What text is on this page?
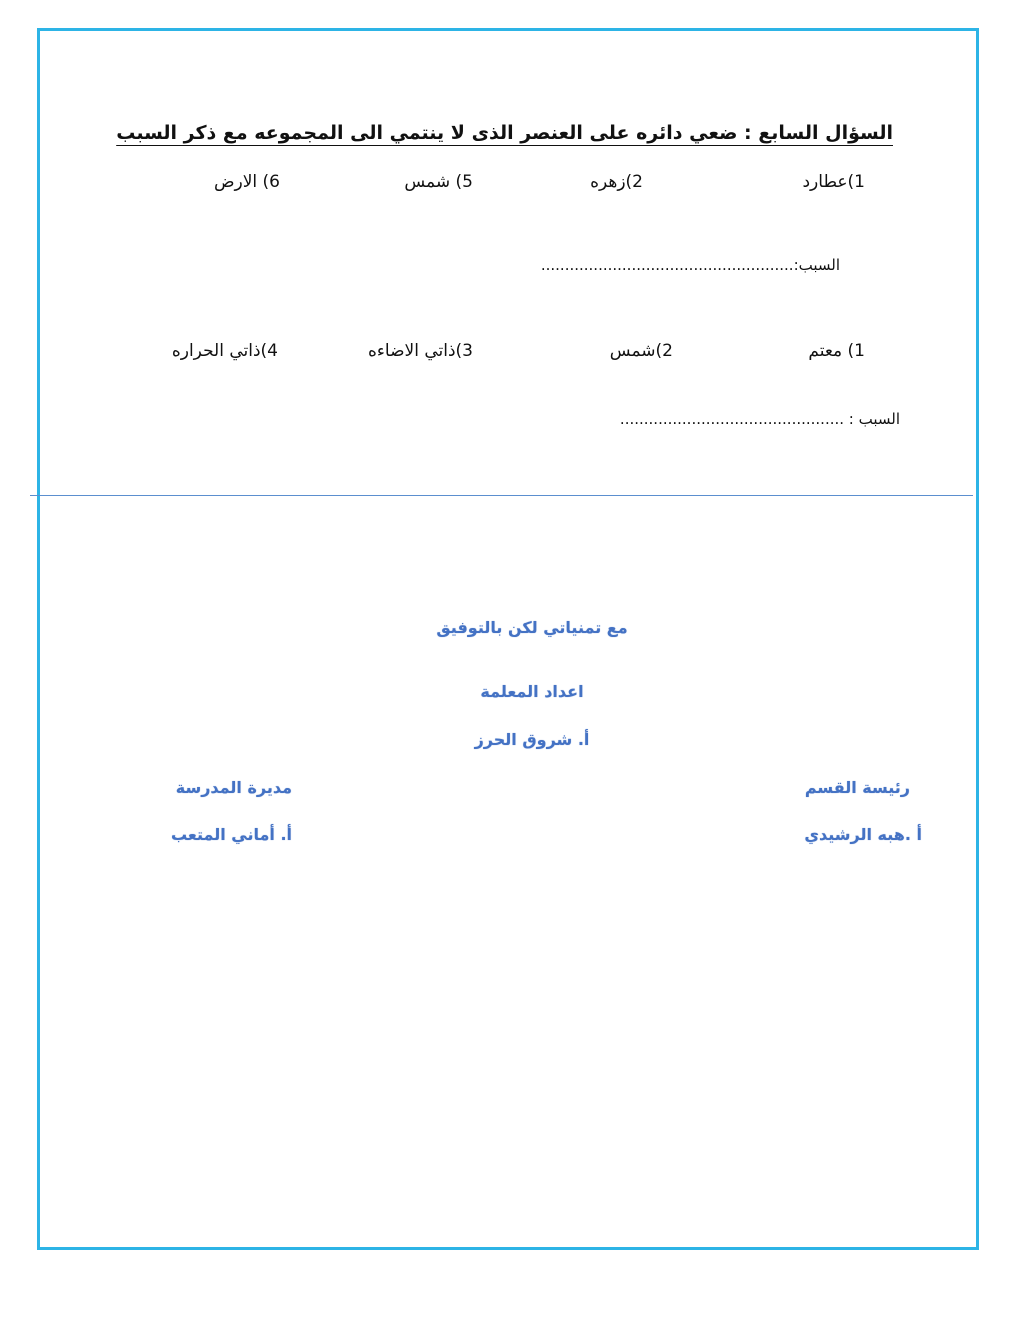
السؤال السابع : ضعي دائره على العنصر الذى لا ينتمي الى المجموعه مع ذكر السبب
1)عطارد
2)زهره
5) شمس
6) الارض
السبب:.....................................................
1) معتم
2)شمس
3)ذاتي الاضاءه
4)ذاتي الحراره
السبب : ...............................................
مع تمنياتي لكن بالتوفيق
اعداد المعلمة
أ. شروق الحرز
رئيسة القسم
أ .هبه الرشيدي
مديرة المدرسة
أ. أماني المتعب
